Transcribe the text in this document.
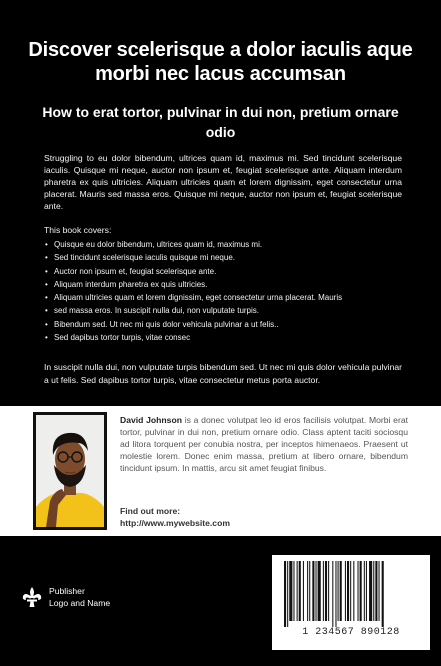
Discover scelerisque a dolor iaculis aque morbi nec lacus accumsan
How to erat tortor, pulvinar in dui non, pretium ornare odio
Struggling to eu dolor bibendum, ultrices quam id, maximus mi. Sed tincidunt scelerisque iaculis. Quisque mi neque, auctor non ipsum et, feugiat scelerisque ante. Aliquam interdum pharetra ex quis ultricies. Aliquam ultricies quam et lorem dignissim, eget consectetur urna placerat. Mauris sed massa eros. Quisque mi neque, auctor non ipsum et, feugiat scelerisque ante.
This book covers:
• Quisque eu dolor bibendum, ultrices quam id, maximus mi.
• Sed tincidunt scelerisque iaculis quisque mi neque.
• Auctor non ipsum et, feugiat scelerisque ante.
• Aliquam interdum pharetra ex quis ultricies.
• Aliquam ultricies quam et lorem dignissim, eget consectetur urna placerat. Mauris
• sed massa eros. In suscipit nulla dui, non vulputate turpis.
• Bibendum sed. Ut nec mi quis dolor vehicula pulvinar a ut felis..
• Sed dapibus tortor turpis, vitae consec
In suscipit nulla dui, non vulputate turpis bibendum sed. Ut nec mi quis dolor vehicula pulvinar a ut felis. Sed dapibus tortor turpis, vitae consectetur metus porta auctor.
David Johnson is a donec volutpat leo id eros facilisis volutpat. Morbi erat tortor, pulvinar in dui non, pretium ornare odio. Class aptent taciti sociosqu ad litora torquent per conubia nostra, per inceptos himenaeos. Praesent ut molestie lorem. Donec enim massa, pretium at libero ornare, bibendum tincidunt ipsum. In mattis, arcu sit amet feugiat finibus.
Find out more:
http://www.mywebsite.com
Publisher
Logo and Name
1 234567 890128
